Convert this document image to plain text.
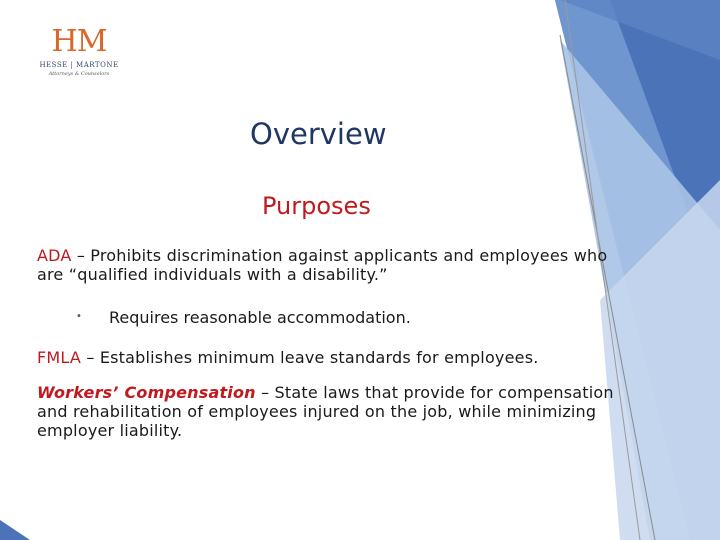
HM
HESSE | MARTONE
Attorneys & Counselors
Overview
Purposes
ADA – Prohibits discrimination against applicants and employees who are “qualified individuals with a disability.”
• Requires reasonable accommodation.
FMLA – Establishes minimum leave standards for employees.
Workers’ Compensation – State laws that provide for compensation and rehabilitation of employees injured on the job, while minimizing employer liability.
